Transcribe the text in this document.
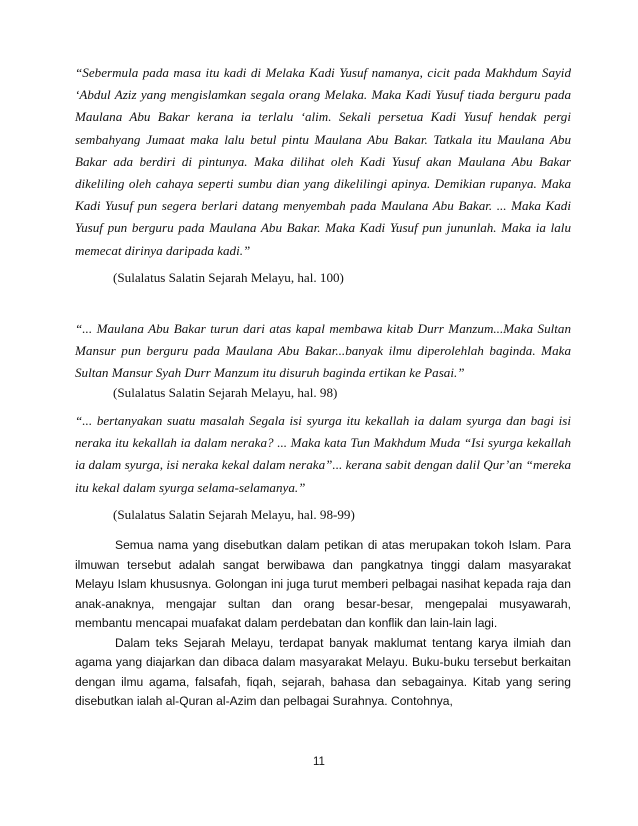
“Sebermula pada masa itu kadi di Melaka Kadi Yusuf namanya, cicit pada Makhdum Sayid ‘Abdul Aziz yang mengislamkan segala orang Melaka. Maka Kadi Yusuf tiada berguru pada Maulana Abu Bakar kerana ia terlalu ‘alim. Sekali persetua Kadi Yusuf hendak pergi sembahyang Jumaat maka lalu betul pintu Maulana Abu Bakar. Tatkala itu Maulana Abu Bakar ada berdiri di pintunya. Maka dilihat oleh Kadi Yusuf akan Maulana Abu Bakar dikeliling oleh cahaya seperti sumbu dian yang dikelilingi apinya. Demikian rupanya. Maka Kadi Yusuf pun segera berlari datang menyembah pada Maulana Abu Bakar. ... Maka Kadi Yusuf pun berguru pada Maulana Abu Bakar. Maka Kadi Yusuf pun jununlah. Maka ia lalu memecat dirinya daripada kadi.”

(Sulalatus Salatin Sejarah Melayu, hal. 100)

“... Maulana Abu Bakar turun dari atas kapal membawa kitab Durr Manzum...Maka Sultan Mansur pun berguru pada Maulana Abu Bakar...banyak ilmu diperolehlah baginda. Maka Sultan Mansur Syah Durr Manzum itu disuruh baginda ertikan ke Pasai.”

(Sulalatus Salatin Sejarah Melayu, hal. 98)

“... bertanyakan suatu masalah Segala isi syurga itu kekallah ia dalam syurga dan bagi isi neraka itu kekallah ia dalam neraka? ... Maka kata Tun Makhdum Muda “Isi syurga kekallah ia dalam syurga, isi neraka kekal dalam neraka”... kerana sabit dengan dalil Qur’an “mereka itu kekal dalam syurga selama-selamanya.”

(Sulalatus Salatin Sejarah Melayu, hal. 98-99)

Semua nama yang disebutkan dalam petikan di atas merupakan tokoh Islam. Para ilmuwan tersebut adalah sangat berwibawa dan pangkatnya tinggi dalam masyarakat Melayu Islam khususnya. Golongan ini juga turut memberi pelbagai nasihat kepada raja dan anak-anaknya, mengajar sultan dan orang besar-besar, mengepalai musyawarah, membantu mencapai muafakat dalam perdebatan dan konflik dan lain-lain lagi.

Dalam teks Sejarah Melayu, terdapat banyak maklumat tentang karya ilmiah dan agama yang diajarkan dan dibaca dalam masyarakat Melayu. Buku-buku tersebut berkaitan dengan ilmu agama, falsafah, fiqah, sejarah, bahasa dan sebagainya. Kitab yang sering disebutkan ialah al-Quran al-Azim dan pelbagai Surahnya. Contohnya,

11
